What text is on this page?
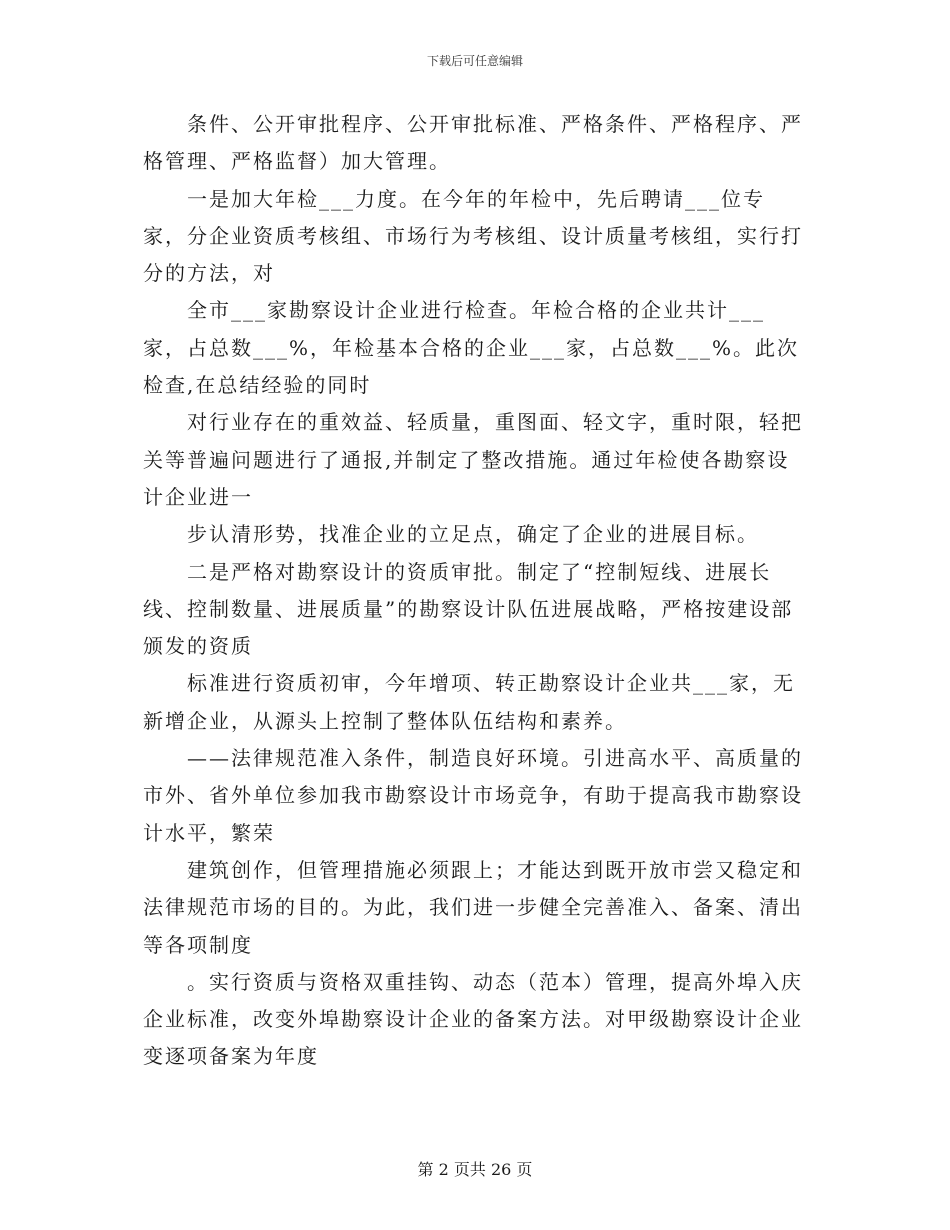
下载后可任意编辑

条件、公开审批程序、公开审批标准、严格条件、严格程序、严格管理、严格监督）加大管理。

一是加大年检___力度。在今年的年检中，先后聘请___位专家，分企业资质考核组、市场行为考核组、设计质量考核组，实行打分的方法，对

全市___家勘察设计企业进行检查。年检合格的企业共计___家，占总数___%，年检基本合格的企业___家，占总数___%。此次检查,在总结经验的同时

对行业存在的重效益、轻质量，重图面、轻文字，重时限，轻把关等普遍问题进行了通报,并制定了整改措施。通过年检使各勘察设计企业进一

步认清形势，找准企业的立足点，确定了企业的进展目标。

二是严格对勘察设计的资质审批。制定了“控制短线、进展长线、控制数量、进展质量”的勘察设计队伍进展战略，严格按建设部颁发的资质

标准进行资质初审，今年增项、转正勘察设计企业共___家，无新增企业，从源头上控制了整体队伍结构和素养。

——法律规范准入条件，制造良好环境。引进高水平、高质量的市外、省外单位参加我市勘察设计市场竞争，有助于提高我市勘察设计水平，繁荣

建筑创作，但管理措施必须跟上；才能达到既开放市尝又稳定和法律规范市场的目的。为此，我们进一步健全完善准入、备案、清出等各项制度

。实行资质与资格双重挂钩、动态（范本）管理，提高外埠入庆企业标准，改变外埠勘察设计企业的备案方法。对甲级勘察设计企业变逐项备案为年度

第 2 页共 26 页
